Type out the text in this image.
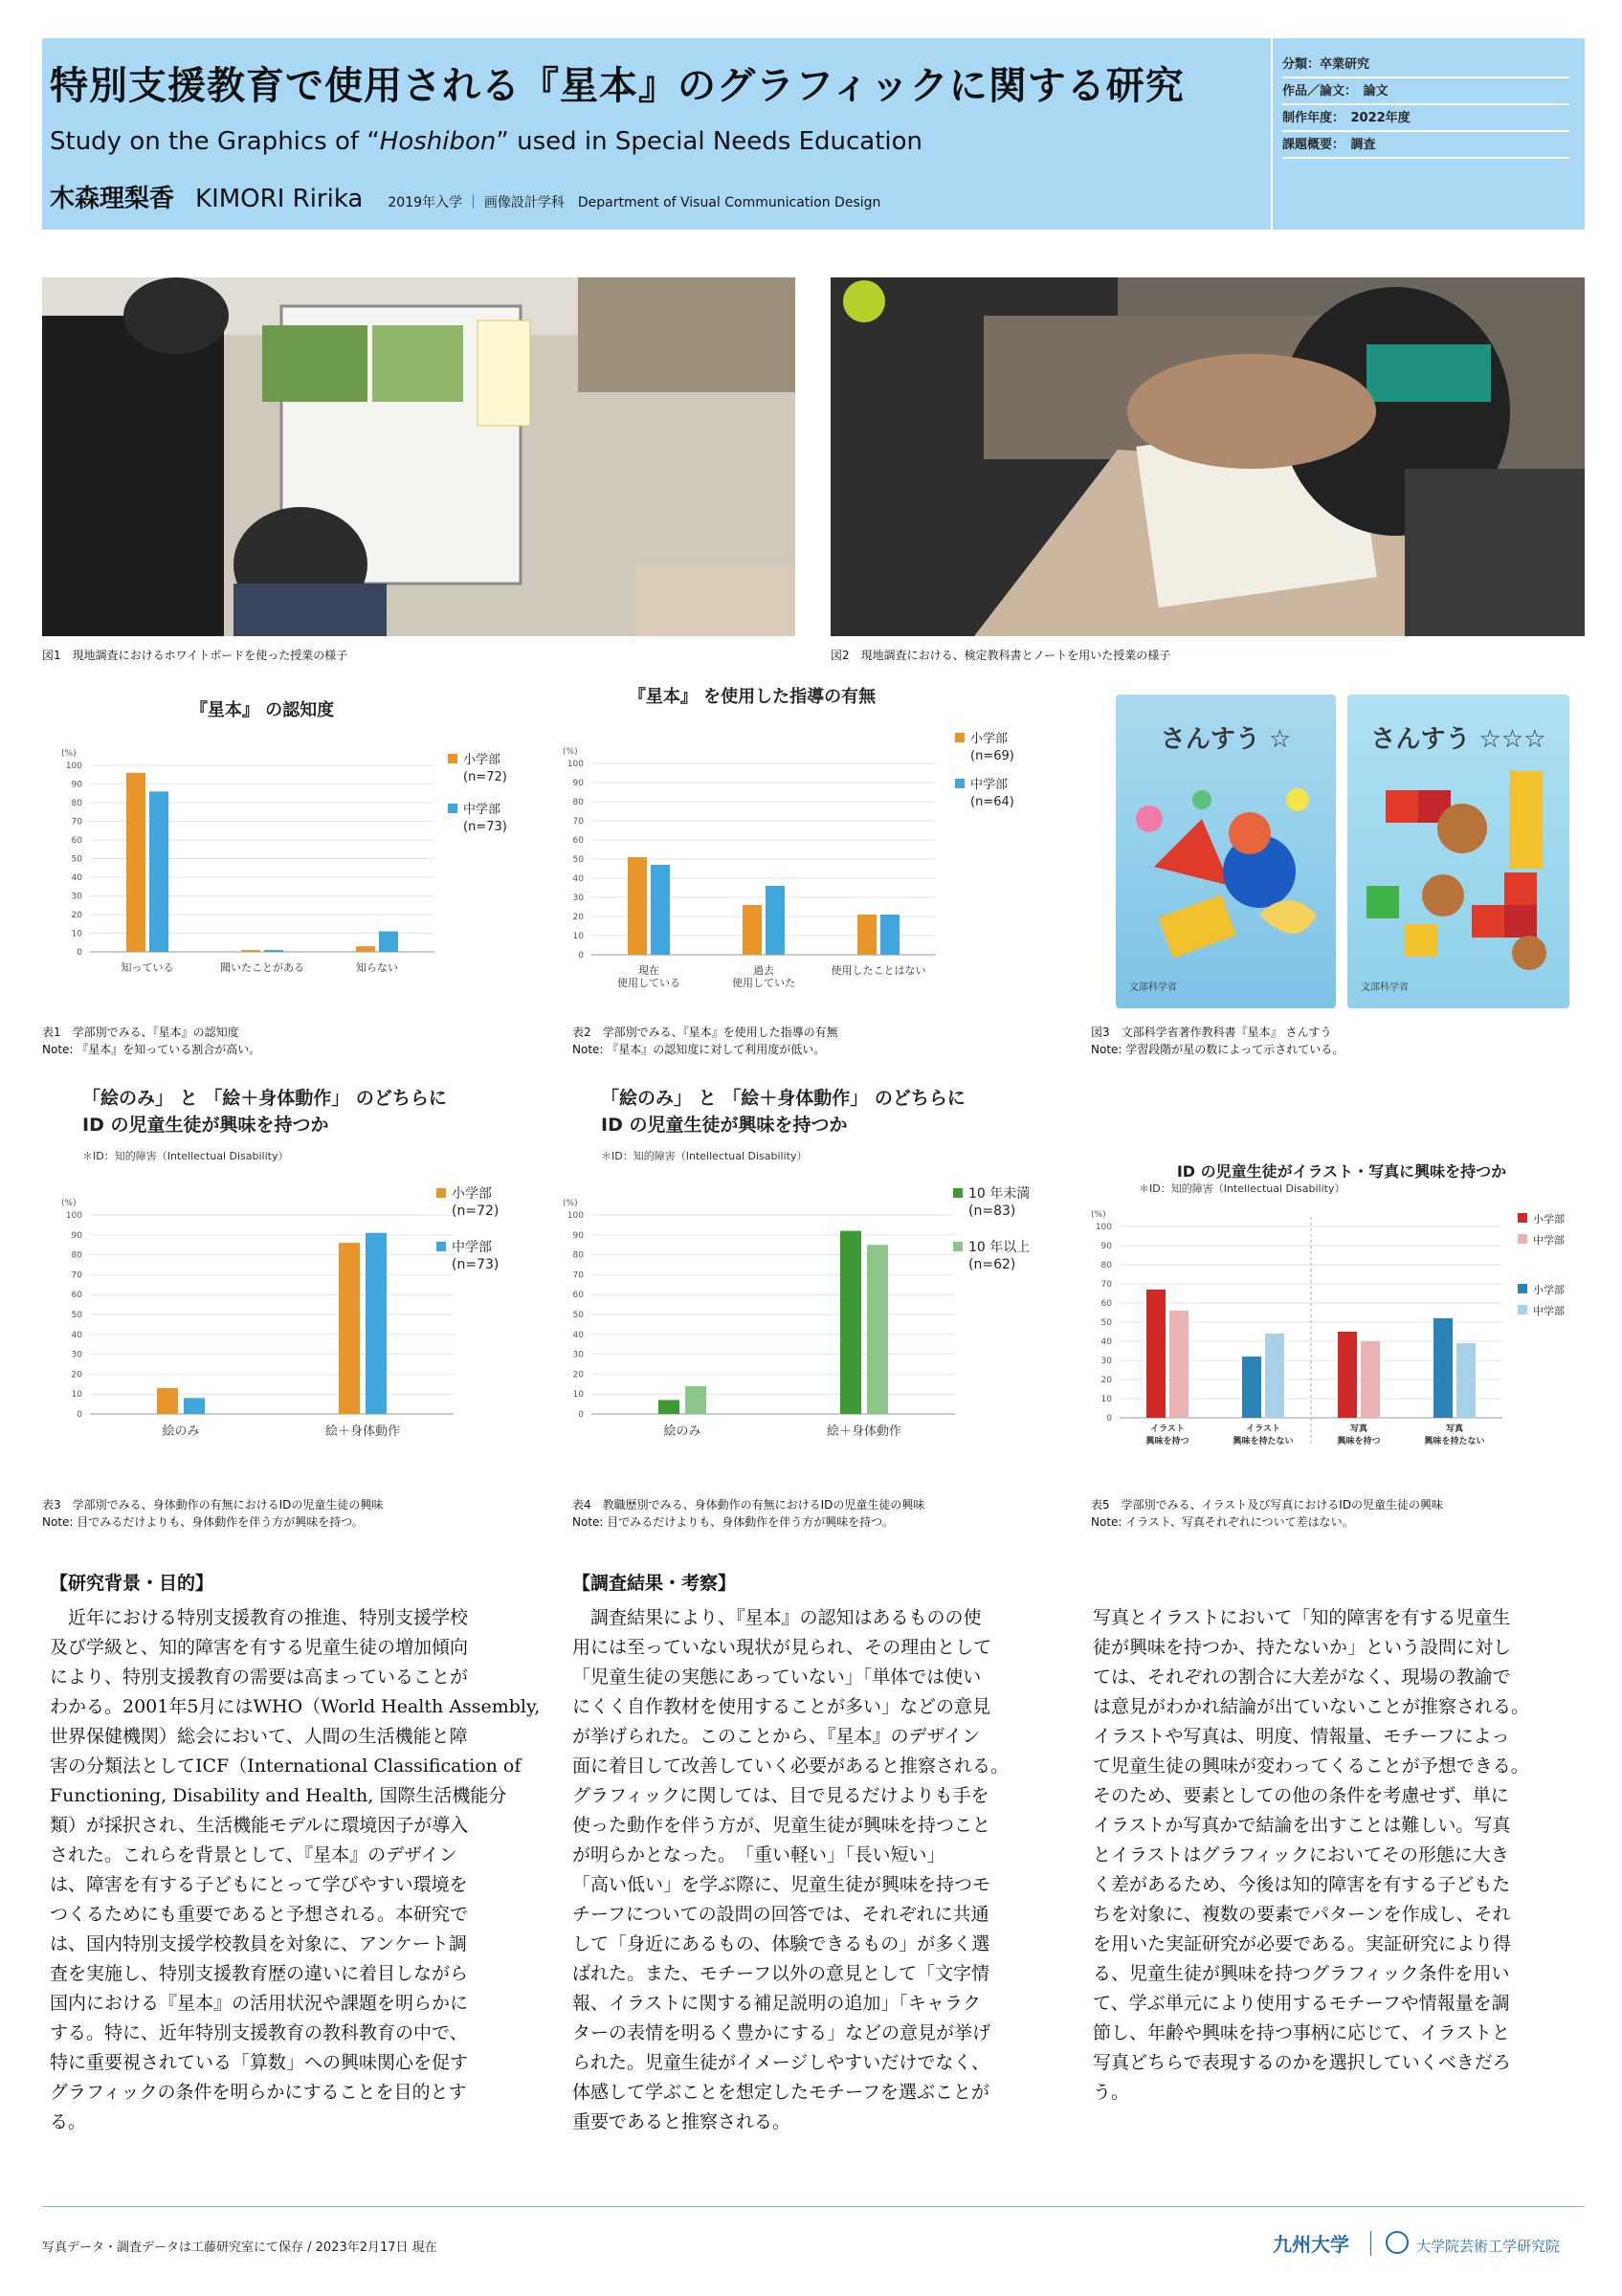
特別支援教育で使用される『星本』のグラフィックに関する研究
Study on the Graphics of “Hoshibon” used in Special Needs Education
木森理梨香 KIMORI Ririka 2019年入学 ｜ 画像設計学科　Department of Visual Communication Design
分類：卒業研究
作品／論文：　論文
制作年度：　2022年度
課題概要：　調査
図1　現地調査におけるホワイトボードを使った授業の様子	図2　現地調査における、検定教科書とノートを用いた授業の様子
『星本』 の認知度
(%)
0
10
20
30
40
50
60
70
80
90
100
知っている	聞いたことがある	知らない
小学部
(n=72)
中学部
(n=73)
『星本』 を使用した指導の有無
(%)
0
10
20
30
40
50
60
70
80
90
100
現在
使用している
過去
使用していた
使用したことはない
小学部
(n=69)
中学部
(n=64)
「絵のみ」 と 「絵＋身体動作」 のどちらに
ID の児童生徒が興味を持つか
＊ID：知的障害（Intellectual Disability）
(%)
0
10
20
30
40
50
60
70
80
90
100
絵のみ	絵＋身体動作
小学部
(n=72)
中学部
(n=73)
「絵のみ」 と 「絵＋身体動作」 のどちらに
ID の児童生徒が興味を持つか
＊ID：知的障害（Intellectual Disability）
(%)
0
10
20
30
40
50
60
70
80
90
100
絵のみ	絵＋身体動作
10 年未満
(n=83)
10 年以上
(n=62)
ID の児童生徒がイラスト・写真に興味を持つか
＊ID：知的障害（Intellectual Disability）
(%)
0
10
20
30
40
50
60
70
80
90
100
イラスト
興味を持つ
イラスト
興味を持たない
写真
興味を持つ
写真
興味を持たない
小学部
中学部
小学部
中学部
表1　学部別でみる、『星本』の認知度
Note: 『星本』を知っている割合が高い。
表2　学部別でみる、『星本』を使用した指導の有無
Note: 『星本』の認知度に対して利用度が低い。
さんすう ☆
文部科学省
さんすう ☆☆☆
文部科学省
図3　文部科学省著作教科書『星本』 さんすう
Note: 学習段階が星の数によって示されている。
表3　学部別でみる、身体動作の有無におけるIDの児童生徒の興味
Note: 目でみるだけよりも、身体動作を伴う方が興味を持つ。
表4　教職歴別でみる、身体動作の有無におけるIDの児童生徒の興味
Note: 目でみるだけよりも、身体動作を伴う方が興味を持つ。
表5　学部別でみる、イラスト及び写真におけるIDの児童生徒の興味
Note: イラスト、写真それぞれについて差はない。
【研究背景・目的】
　近年における特別支援教育の推進、特別支援学校
及び学級と、知的障害を有する児童生徒の増加傾向
により、特別支援教育の需要は高まっていることが
わかる。2001年5月にはWHO（World Health Assembly,
世界保健機関）総会において、人間の生活機能と障
害の分類法としてICF（International Classification of
Functioning, Disability and Health, 国際生活機能分
類）が採択され、生活機能モデルに環境因子が導入
された。これらを背景として、『星本』のデザイン
は、障害を有する子どもにとって学びやすい環境を
つくるためにも重要であると予想される。本研究で
は、国内特別支援学校教員を対象に、アンケート調
査を実施し、特別支援教育歴の違いに着目しながら
国内における『星本』の活用状況や課題を明らかに
する。特に、近年特別支援教育の教科教育の中で、
特に重要視されている「算数」への興味関心を促す
グラフィックの条件を明らかにすることを目的とす
る。
【調査結果・考察】
　調査結果により、『星本』の認知はあるものの使
用には至っていない現状が見られ、その理由として
「児童生徒の実態にあっていない」「単体では使い
にくく自作教材を使用することが多い」などの意見
が挙げられた。このことから、『星本』のデザイン
面に着目して改善していく必要があると推察される。
グラフィックに関しては、目で見るだけよりも手を
使った動作を伴う方が、児童生徒が興味を持つこと
が明らかとなった。　「重い軽い」「長い短い」
「高い低い」を学ぶ際に、児童生徒が興味を持つモ
チーフについての設問の回答では、それぞれに共通
して「身近にあるもの、体験できるもの」が多く選
ばれた。また、モチーフ以外の意見として「文字情
報、イラストに関する補足説明の追加」「キャラク
ターの表情を明るく豊かにする」などの意見が挙げ
られた。児童生徒がイメージしやすいだけでなく、
体感して学ぶことを想定したモチーフを選ぶことが
重要であると推察される。
写真とイラストにおいて「知的障害を有する児童生
徒が興味を持つか、持たないか」という設問に対し
ては、それぞれの割合に大差がなく、現場の教諭で
は意見がわかれ結論が出ていないことが推察される。
イラストや写真は、明度、情報量、モチーフによっ
て児童生徒の興味が変わってくることが予想できる。
そのため、要素としての他の条件を考慮せず、単に
イラストか写真かで結論を出すことは難しい。写真
とイラストはグラフィックにおいてその形態に大き
く差があるため、今後は知的障害を有する子どもた
ちを対象に、複数の要素でパターンを作成し、それ
を用いた実証研究が必要である。実証研究により得
る、児童生徒が興味を持つグラフィック条件を用い
て、学ぶ単元により使用するモチーフや情報量を調
節し、年齢や興味を持つ事柄に応じて、イラストと
写真どちらで表現するのかを選択していくべきだろ
う。
写真データ・調査データは工藤研究室にて保存 / 2023年2月17日 現在	九州大学	大学院芸術工学研究院
